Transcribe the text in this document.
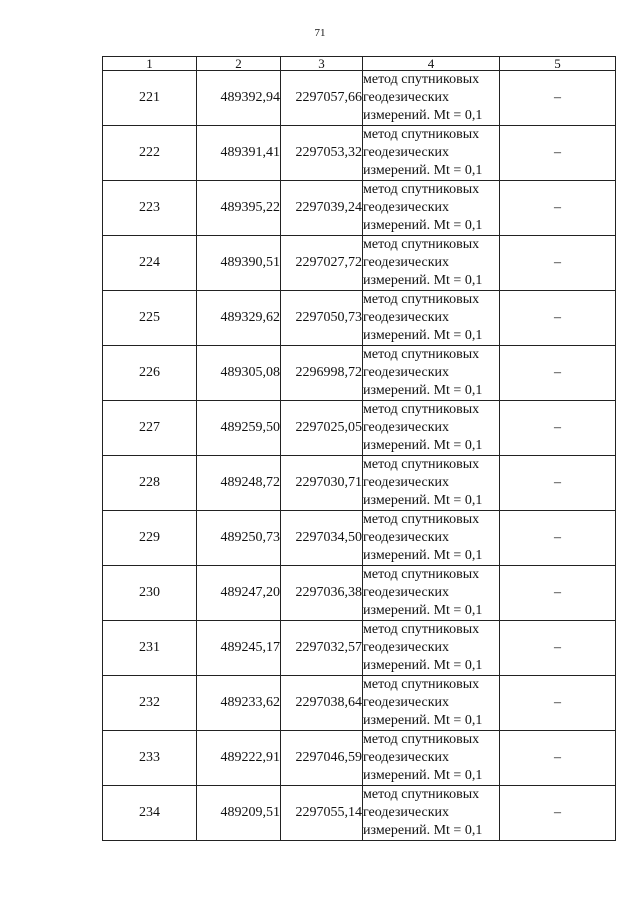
71
1	2	3	4	5
221	489392,94	2297057,66	метод спутниковых
геодезических
измерений. Mt = 0,1	–
222	489391,41	2297053,32	метод спутниковых
геодезических
измерений. Mt = 0,1	–
223	489395,22	2297039,24	метод спутниковых
геодезических
измерений. Mt = 0,1	–
224	489390,51	2297027,72	метод спутниковых
геодезических
измерений. Mt = 0,1	–
225	489329,62	2297050,73	метод спутниковых
геодезических
измерений. Mt = 0,1	–
226	489305,08	2296998,72	метод спутниковых
геодезических
измерений. Mt = 0,1	–
227	489259,50	2297025,05	метод спутниковых
геодезических
измерений. Mt = 0,1	–
228	489248,72	2297030,71	метод спутниковых
геодезических
измерений. Mt = 0,1	–
229	489250,73	2297034,50	метод спутниковых
геодезических
измерений. Mt = 0,1	–
230	489247,20	2297036,38	метод спутниковых
геодезических
измерений. Mt = 0,1	–
231	489245,17	2297032,57	метод спутниковых
геодезических
измерений. Mt = 0,1	–
232	489233,62	2297038,64	метод спутниковых
геодезических
измерений. Mt = 0,1	–
233	489222,91	2297046,59	метод спутниковых
геодезических
измерений. Mt = 0,1	–
234	489209,51	2297055,14	метод спутниковых
геодезических
измерений. Mt = 0,1	–
